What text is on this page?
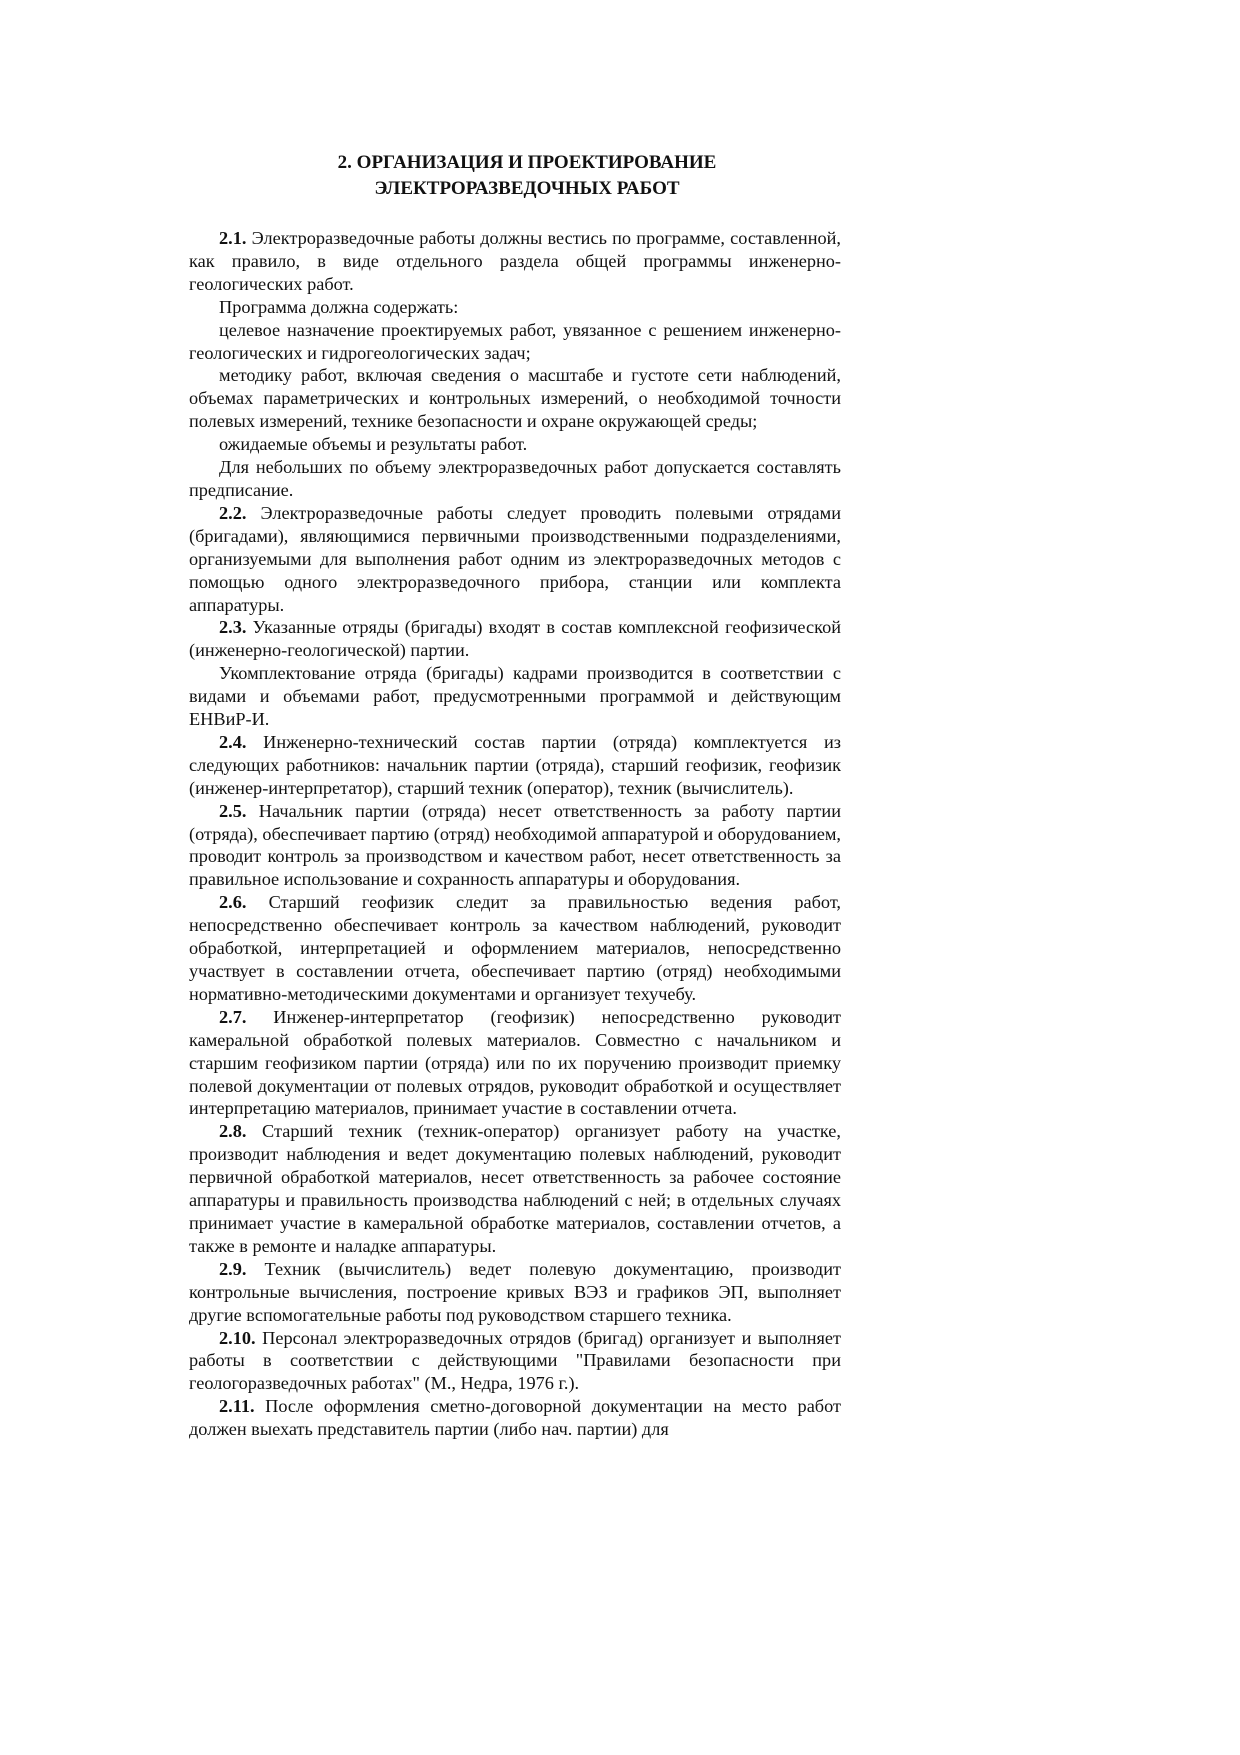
2. ОРГАНИЗАЦИЯ И ПРОЕКТИРОВАНИЕ
ЭЛЕКТРОРАЗВЕДОЧНЫХ РАБОТ

2.1. Электроразведочные работы должны вестись по программе, составленной, как правило, в виде отдельного раздела общей программы инженерно-геологических работ.

Программа должна содержать:

целевое назначение проектируемых работ, увязанное с решением инженерно-геологических и гидрогеологических задач;

методику работ, включая сведения о масштабе и густоте сети наблюдений, объемах параметрических и контрольных измерений, о необходимой точности полевых измерений, технике безопасности и охране окружающей среды;

ожидаемые объемы и результаты работ.

Для небольших по объему электроразведочных работ допускается составлять предписание.

2.2. Электроразведочные работы следует проводить полевыми отрядами (бригадами), являющимися первичными производственными подразделениями, организуемыми для выполнения работ одним из электроразведочных методов с помощью одного электроразведочного прибора, станции или комплекта аппаратуры.

2.3. Указанные отряды (бригады) входят в состав комплексной геофизической (инженерно-геологической) партии.

Укомплектование отряда (бригады) кадрами производится в соответствии с видами и объемами работ, предусмотренными программой и действующим ЕНВиР-И.

2.4. Инженерно-технический состав партии (отряда) комплектуется из следующих работников: начальник партии (отряда), старший геофизик, геофизик (инженер-интерпретатор), старший техник (оператор), техник (вычислитель).

2.5. Начальник партии (отряда) несет ответственность за работу партии (отряда), обеспечивает партию (отряд) необходимой аппаратурой и оборудованием, проводит контроль за производством и качеством работ, несет ответственность за правильное использование и сохранность аппаратуры и оборудования.

2.6. Старший геофизик следит за правильностью ведения работ, непосредственно обеспечивает контроль за качеством наблюдений, руководит обработкой, интерпретацией и оформлением материалов, непосредственно участвует в составлении отчета, обеспечивает партию (отряд) необходимыми нормативно-методическими документами и организует техучебу.

2.7. Инженер-интерпретатор (геофизик) непосредственно руководит камеральной обработкой полевых материалов. Совместно с начальником и старшим геофизиком партии (отряда) или по их поручению производит приемку полевой документации от полевых отрядов, руководит обработкой и осуществляет интерпретацию материалов, принимает участие в составлении отчета.

2.8. Старший техник (техник-оператор) организует работу на участке, производит наблюдения и ведет документацию полевых наблюдений, руководит первичной обработкой материалов, несет ответственность за рабочее состояние аппаратуры и правильность производства наблюдений с ней; в отдельных случаях принимает участие в камеральной обработке материалов, составлении отчетов, а также в ремонте и наладке аппаратуры.

2.9. Техник (вычислитель) ведет полевую документацию, производит контрольные вычисления, построение кривых ВЭЗ и графиков ЭП, выполняет другие вспомогательные работы под руководством старшего техника.

2.10. Персонал электроразведочных отрядов (бригад) организует и выполняет работы в соответствии с действующими "Правилами безопасности при геологоразведочных работах" (М., Недра, 1976 г.).

2.11. После оформления сметно-договорной документации на место работ должен выехать представитель партии (либо нач. партии) для
